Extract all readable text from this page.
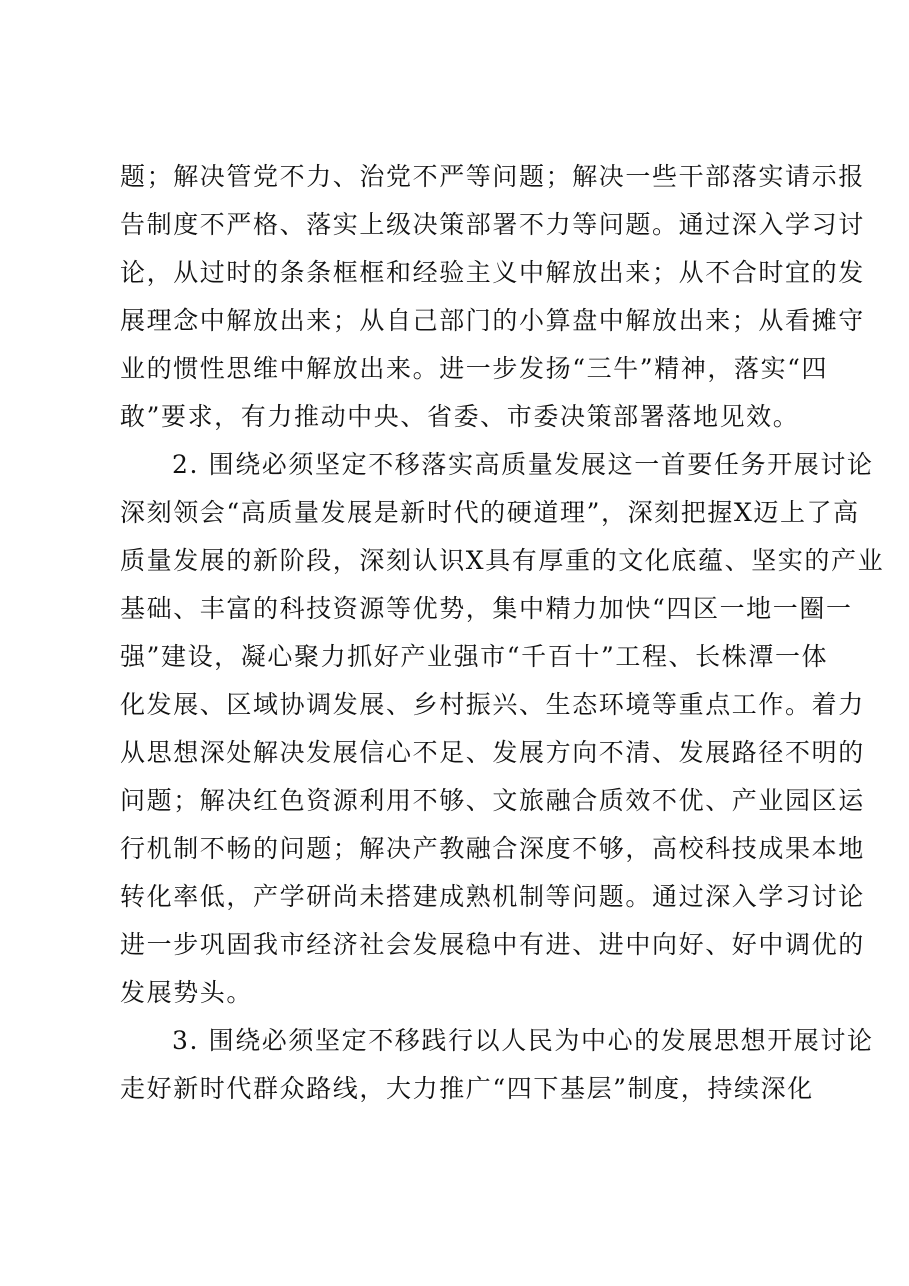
题；解决管党不力、治党不严等问题；解决一些干部落实请示报
告制度不严格、落实上级决策部署不力等问题。通过深入学习讨
论，从过时的条条框框和经验主义中解放出来；从不合时宜的发
展理念中解放出来；从自己部门的小算盘中解放出来；从看摊守
业的惯性思维中解放出来。进一步发扬“三牛”精神，落实“四
敢”要求，有力推动中央、省委、市委决策部署落地见效。
2. 围绕必须坚定不移落实高质量发展这一首要任务开展讨论
深刻领会“高质量发展是新时代的硬道理”，深刻把握X迈上了高
质量发展的新阶段，深刻认识X具有厚重的文化底蕴、坚实的产业
基础、丰富的科技资源等优势，集中精力加快“四区一地一圈一
强”建设，凝心聚力抓好产业强市“千百十”工程、长株潭一体
化发展、区域协调发展、乡村振兴、生态环境等重点工作。着力
从思想深处解决发展信心不足、发展方向不清、发展路径不明的
问题；解决红色资源利用不够、文旅融合质效不优、产业园区运
行机制不畅的问题；解决产教融合深度不够，高校科技成果本地
转化率低，产学研尚未搭建成熟机制等问题。通过深入学习讨论
进一步巩固我市经济社会发展稳中有进、进中向好、好中调优的
发展势头。
3. 围绕必须坚定不移践行以人民为中心的发展思想开展讨论
走好新时代群众路线，大力推广“四下基层”制度，持续深化
